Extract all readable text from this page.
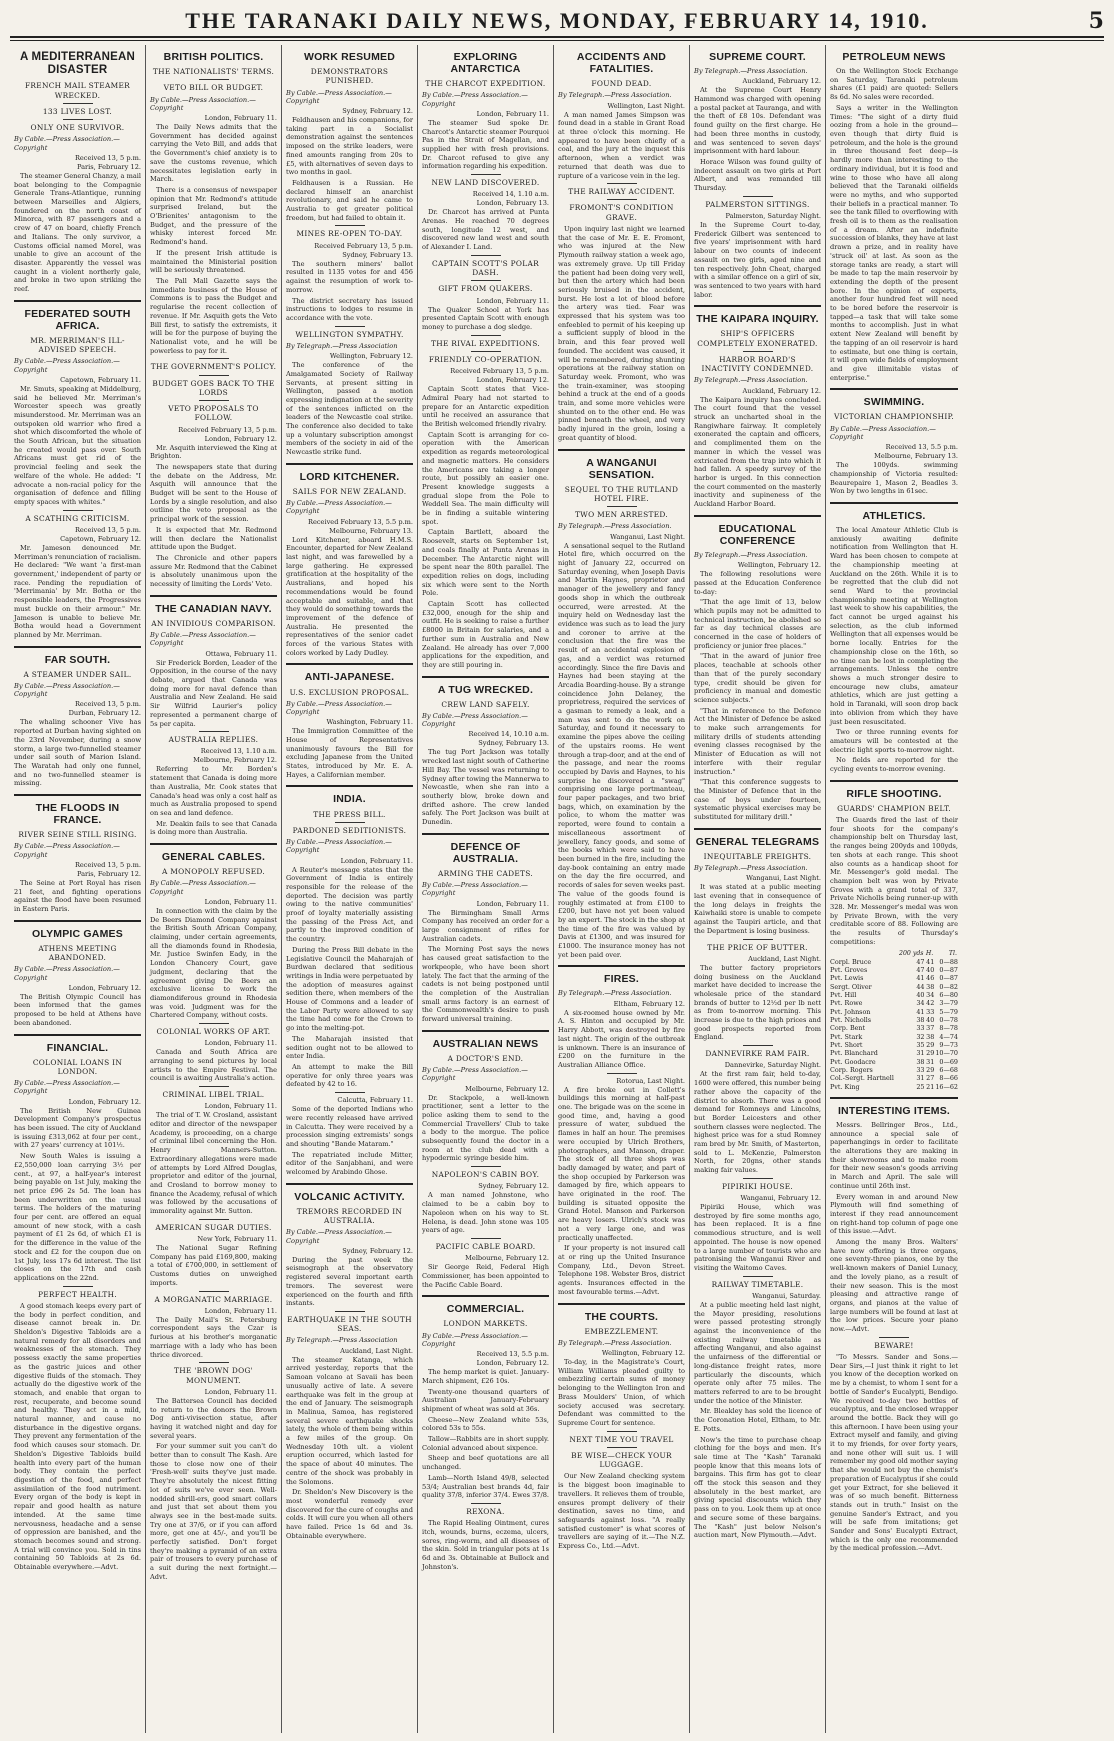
THE TARANAKI DAILY NEWS, MONDAY, FEBRUARY 14, 1910.	5
A MEDITERRANEAN DISASTER
FRENCH MAIL STEAMER WRECKED.
133 LIVES LOST.
ONLY ONE SURVIVOR.
By Cable.—Press Association.—Copyright
Received 13, 5 p.m.
Paris, February 12.

The steamer General Chanzy, a mail boat belonging to the Compagnie Generale Trans-Atlantique, running between Marseilles and Algiers, foundered on the north coast of Minorca, with 87 passengers and a crew of 47 on board, chiefly French and Italians. The only survivor, a Customs official named Morel, was unable to give an account of the disaster. Apparently the vessel was caught in a violent northerly gale, and broke in two upon striking the reef.

FEDERATED SOUTH AFRICA.
MR. MERRIMAN'S ILL-ADVISED SPEECH.
By Cable.—Press Association.—Copyright
Capetown, February 11.

Mr. Smuts, speaking at Middelburg, said he believed Mr. Merriman's Worcester speech was greatly misunderstood. Mr. Merriman was an outspoken old warrior who fired a shot which discomforted the whole of the South African, but the situation he created would pass over. South Africans must get rid of the provincial feeling and seek the welfare of the whole. He added: "I advocate a non-racial policy for the organisation of defence and filling empty spaces with whites."

A SCATHING CRITICISM.
Received 13, 5 p.m.
Capetown, February 12.

Mr. Jameson denounced Mr. Merriman's renunciation of racialism. He declared: "We want 'a first-man government,' independent of party or race. Pending the repudiation of 'Merrimania' by Mr. Botha or the responsible leaders, the Progressives must buckle on their armour." Mr. Jameson is unable to believe Mr. Botha would head a Government planned by Mr. Merriman.

FAR SOUTH.
A STEAMER UNDER SAIL.
By Cable.—Press Association.—Copyright
Received 13, 5 p.m.
Durban, February 12.

The whaling schooner Vive has reported at Durban having sighted on the 23rd November, during a snow storm, a large two-funnelled steamer under sail south of Marion Island. The Waratah had only one funnel, and no two-funnelled steamer is missing.

THE FLOODS IN FRANCE.
RIVER SEINE STILL RISING.
By Cable.—Press Association.—Copyright
Received 13, 5 p.m.
Paris, February 12.

The Seine at Port Royal has risen 21 feet, and fighting operations against the flood have been resumed in Eastern Paris.

OLYMPIC GAMES
ATHENS MEETING ABANDONED.
By Cable.—Press Association.—Copyright
London, February 12.

The British Olympic Council has been informed that the games proposed to be held at Athens have been abandoned.

FINANCIAL.
COLONIAL LOANS IN LONDON.
By Cable.—Press Association.—Copyright
London, February 12.

The British New Guinea Development Company's prospectus has been issued. The city of Auckland is issuing £313,062 at four per cent., with 27 years' currency at 101½.

New South Wales is issuing a £2,550,000 loan carrying 3½ per cent., at 97, a half-year's interest being payable on 1st July, making the net price £96 2s 5d. The loan has been underwritten on the usual terms. The holders of the maturing four per cent. are offered an equal amount of new stock, with a cash payment of £1 2s 6d, of which £1 is for the difference in the value of the stock and £2 for the coupon due on 1st July, less 17s 6d interest. The list closes on the 17th and cash applications on the 22nd.

PERFECT HEALTH.

A good stomach keeps every part of the body in perfect condition, and disease cannot break in. Dr. Sheldon's Digestive Tabloids are a natural remedy for all disorders and weaknesses of the stomach. They possess exactly the same properties as the gastric juices and other digestive fluids of the stomach. They actually do the digestive work of the stomach, and enable that organ to rest, recuperate, and become sound and healthy. They act in a mild, natural manner, and cause no disturbance in the digestive organs. They prevent any fermentation of the food which causes sour stomach. Dr. Sheldon's Digestive Tabloids build health into every part of the human body. They contain the perfect digestion of the food, and perfect assimilation of the food nutriment. Every organ of the body is kept in repair and good health as nature intended. At the same time nervousness, headache and a sense of oppression are banished, and the stomach becomes sound and strong. A trial will convince you. Sold in tins containing 50 Tabloids at 2s 6d. Obtainable everywhere.—Advt.

BRITISH POLITICS.
THE NATIONALISTS' TERMS.
VETO BILL OR BUDGET.
By Cable.—Press Association.—Copyright
London, February 11.

The Daily News admits that the Government has decided against carrying the Veto Bill, and adds that the Government's chief anxiety is to save the customs revenue, which necessitates legislation early in March.

There is a consensus of newspaper opinion that Mr. Redmond's attitude surprised Ireland, but the O'Brienites' antagonism to the Budget, and the pressure of the whisky interest forced Mr. Redmond's hand.

If the present Irish attitude is maintained the Ministerial position will be seriously threatened.

The Pall Mall Gazette says the immediate business of the House of Commons is to pass the Budget and regularise the recent collection of revenue. If Mr. Asquith gets the Veto Bill first, to satisfy the extremists, it will be for the purpose of buying the Nationalist vote, and he will be powerless to pay for it.

THE GOVERNMENT'S POLICY.
BUDGET GOES BACK TO THE LORDS
VETO PROPOSALS TO FOLLOW.
Received February 13, 5 p.m.
London, February 12.

Mr. Asquith interviewed the King at Brighton.

The newspapers state that during the debate on the Address, Mr. Asquith will announce that the Budget will be sent to the House of Lords by a single resolution, and also outline the veto proposal as the principal work of the session.

It is expected that Mr. Redmond will then declare the Nationalist attitude upon the Budget.

The Chronicle and other papers assure Mr. Redmond that the Cabinet is absolutely unanimous upon the necessity of limiting the Lords' Veto.

THE CANADIAN NAVY.
AN INVIDIOUS COMPARISON.
By Cable.—Press Association.—Copyright
Ottawa, February 11.

Sir Frederick Borden, Leader of the Opposition, in the course of the navy debate, argued that Canada was doing more for naval defence than Australia and New Zealand. He said Sir Wilfrid Laurier's policy represented a permanent charge of 5s per capita.

AUSTRALIA REPLIES.
Received 13, 1.10 a.m.
Melbourne, February 12.

Referring to Mr. Borden's statement that Canada is doing more than Australia, Mr. Cook states that Canada's head was only a cost half as much as Australia proposed to spend on sea and land defence.

Mr. Deakin fails to see that Canada is doing more than Australia.

GENERAL CABLES.
A MONOPOLY REFUSED.
By Cable.—Press Association.—Copyright
London, February 11.

In connection with the claim by the De Beers Diamond Company against the British South African Company, claiming, under certain agreements, all the diamonds found in Rhodesia, Mr. Justice Swinfen Eady, in the London Chancery Court, gave judgment, declaring that the agreement giving De Beers an exclusive license to work the diamondiferous ground in Rhodesia was void. Judgment was for the Chartered Company, without costs.

COLONIAL WORKS OF ART.
London, February 11.

Canada and South Africa are arranging to send pictures by local artists to the Empire Festival. The council is awaiting Australia's action.

CRIMINAL LIBEL TRIAL.
London, February 11.

The trial of T. W. Crosland, assistant editor and director of the newspaper Academy, is proceeding, on a charge of criminal libel concerning the Hon. Henry Manners-Sutton. Extraordinary allegations were made of attempts by Lord Alfred Douglas, proprietor and editor of the journal, and Crosland to borrow money to finance the Academy, refusal of which was followed by the accusations of immorality against Mr. Sutton.

AMERICAN SUGAR DUTIES.
New York, February 11.

The National Sugar Refining Company has paid £169,800, making a total of £700,000, in settlement of Customs duties on unweighed imports.

A MORGANATIC MARRIAGE.
London, February 11.

The Daily Mail's St. Petersburg correspondent says the Czar is furious at his brother's morganatic marriage with a lady who has been thrice divorced.

THE 'BROWN DOG' MONUMENT.
London, February 11.

The Battersea Council has decided to return to the donors the Brown Dog anti-vivisection statue, after having it watched night and day for several years.

For your summer suit you can't do better than to consult The Kash. Are those to close now one of their 'Fresh-well' suits they've just made. They're absolutely the nicest fitting lot of suits we've ever seen. Well-nodded shrill-ers, good smart collars and just that set about them you always see in the best-made suits. Try one at 37/6, or if you can afford more, get one at 45/-, and you'll be perfectly satisfied. Don't forget they're making a pyramid of an extra pair of trousers to every purchase of a suit during the next fortnight.—Advt.

WORK RESUMED
DEMONSTRATORS PUNISHED.
By Cable.—Press Association.—Copyright
Sydney, February 12.

Feldhausen and his companions, for taking part in a Socialist demonstration against the sentences imposed on the strike leaders, were fined amounts ranging from 20s to £5, with alternatives of seven days to two months in gaol.

Feldhausen is a Russian. He declared himself an anarchist revolutionary, and said he came to Australia to get greater political freedom, but had failed to obtain it.

MINES RE-OPEN TO-DAY.
Received February 13, 5 p.m.
Sydney, February 13.

The southern miners' ballot resulted in 1135 votes for and 456 against the resumption of work to-morrow.

The district secretary has issued instructions to lodges to resume in accordance with the vote.

WELLINGTON SYMPATHY.
By Telegraph.—Press Association
Wellington, February 12.

The conference of the Amalgamated Society of Railway Servants, at present sitting in Wellington, passed a motion expressing indignation at the severity of the sentences inflicted on the leaders of the Newcastle coal strike. The conference also decided to take up a voluntary subscription amongst members of the society in aid of the Newcastle strike fund.

LORD KITCHENER.
SAILS FOR NEW ZEALAND.
By Cable.—Press Association.—Copyright
Received February 13, 5.5 p.m.
Melbourne, February 13.

Lord Kitchener, aboard H.M.S. Encounter, departed for New Zealand last night, and was farewelled by a large gathering. He expressed gratification at the hospitality of the Australians, and hoped his recommendations would be found acceptable and suitable, and that they would do something towards the improvement of the defence of Australia. He presented the representatives of the senior cadet forces of the various States with colors worked by Lady Dudley.

ANTI-JAPANESE.
U.S. EXCLUSION PROPOSAL.
By Cable.—Press Association.—Copyright
Washington, February 11.

The Immigration Committee of the House of Representatives unanimously favours the Bill for excluding Japanese from the United States, introduced by Mr. E. A. Hayes, a Californian member.

INDIA.
THE PRESS BILL.
PARDONED SEDITIONISTS.
By Cable.—Press Association.—Copyright
London, February 11.

A Reuter's message states that the Government of India is entirely responsible for the release of the deported. The decision was partly owing to the native communities' proof of loyalty materially assisting the passing of the Press Act, and partly to the improved condition of the country.

During the Press Bill debate in the Legislative Council the Maharajah of Burdwan declared that seditious writings in India were perpetuated by the adoption of measures against sedition there, when members of the House of Commons and a leader of the Labor Party were allowed to say the time had come for the Crown to go into the melting-pot.

The Maharajah insisted that sedition ought not to be allowed to enter India.

An attempt to make the Bill operative for only three years was defeated by 42 to 16.

Calcutta, February 11.

Some of the deported Indians who were recently released have arrived in Calcutta. They were received by a procession singing extremists' songs and shouting "Bande Mataram."

The repatriated include Mitter, editor of the Sanjabhani, and were welcomed by Arabindo Ghose.

VOLCANIC ACTIVITY.
TREMORS RECORDED IN AUSTRALIA.
By Cable.—Press Association.—Copyright
Sydney, February 12.

During the past week the seismograph at the observatory registered several important earth tremors. The severest were experienced on the fourth and fifth instants.

EARTHQUAKE IN THE SOUTH SEAS.
By Telegraph.—Press Association
Auckland, Last Night.

The steamer Katanga, which arrived yesterday, reports that the Samoan volcano at Savaii has been unusually active of late. A severe earthquake was felt in the group at the end of January. The seismograph in Malinua, Samoa, has registered several severe earthquake shocks lately, the whole of them being within a few miles of the group. On Wednesday 10th ult. a violent eruption occurred, which lasted for the space of about 40 minutes. The centre of the shock was probably in the Solomons.

Dr. Sheldon's New Discovery is the most wonderful remedy ever discovered for the cure of coughs and colds. It will cure you when all others have failed. Price 1s 6d and 3s. Obtainable everywhere.

EXPLORING ANTARCTICA
THE CHARCOT EXPEDITION.
By Cable.—Press Association.—Copyright
London, February 11.

The steamer Sud spoke Dr. Charcot's Antarctic steamer Pourquoi Pas in the Strait of Magellan, and supplied her with fresh provisions. Dr. Charcot refused to give any information regarding his expedition.

NEW LAND DISCOVERED.
Received 14, 1.10 a.m.
London, February 13.

Dr. Charcot has arrived at Punta Arenas. He reached 70 degrees south, longitude 12 west, and discovered new land west and south of Alexander I. Land.

CAPTAIN SCOTT'S POLAR DASH.
GIFT FROM QUAKERS.
London, February 11.

The Quaker School at York has presented Captain Scott with enough money to purchase a dog sledge.

THE RIVAL EXPEDITIONS.
FRIENDLY CO-OPERATION.
Received February 13, 5 p.m.
London, February 12.

Captain Scott states that Vice-Admiral Peary had not started to prepare for an Antarctic expedition until he received an assurance that the British welcomed friendly rivalry.

Captain Scott is arranging for co-operation with the American expedition as regards meteorological and magnetic matters. He considers the Americans are taking a longer route, but possibly an easier one. Present knowledge suggests a gradual slope from the Pole to Weddell Sea. The main difficulty will be in finding a suitable wintering spot.

Captain Bartlett, aboard the Roosevelt, starts on September 1st, and coals finally at Punta Arenas in December. The Antarctic night will be spent near the 80th parallel. The expedition relies on dogs, including six which were sent to the North Pole.

Captain Scott has collected £32,000, enough for the ship and outfit. He is seeking to raise a further £8000 in Britain for salaries, and a further sum in Australia and New Zealand. He already has over 7,000 applications for the expedition, and they are still pouring in.

A TUG WRECKED.
CREW LAND SAFELY.
By Cable.—Press Association.—Copyright
Received 14, 10.10 a.m.
Sydney, February 13.

The tug Port Jackson was totally wrecked last night south of Catherine Hill Bay. The vessel was returning to Sydney after towing the Mannerwa to Newcastle, when she ran into a southerly blow, broke down and drifted ashore. The crew landed safely. The Port Jackson was built at Dunedin.

DEFENCE OF AUSTRALIA.
ARMING THE CADETS.
By Cable.—Press Association.—Copyright
London, February 11.

The Birmingham Small Arms Company has received an order for a large consignment of rifles for Australian cadets.

The Morning Post says the news has caused great satisfaction to the workpeople, who have been short lately. The fact that the arming of the cadets is not being postponed until the completion of the Australian small arms factory is an earnest of the Commonwealth's desire to push forward universal training.

AUSTRALIAN NEWS
A DOCTOR'S END.
By Cable.—Press Association.—Copyright
Melbourne, February 12.

Dr. Stackpole, a well-known practitioner, sent a letter to the police asking them to send to the Commercial Travellers' Club to take a body to the morgue. The police subsequently found the doctor in a room at the club dead with a hypodermic syringe beside him.

NAPOLEON'S CABIN BOY.
Sydney, February 12.

A man named Johnstone, who claimed to be a cabin boy to Napoleon when on his way to St. Helena, is dead. John stone was 105 years of age.

PACIFIC CABLE BOARD.
Melbourne, February 12.

Sir George Reid, Federal High Commissioner, has been appointed to the Pacific Cable Board.

COMMERCIAL.
LONDON MARKETS.
By Cable.—Press Association.—Copyright
Received 13, 5.5 p.m.
London, February 12.

The hemp market is quiet. January-March shipment, £26 10s.

Twenty-one thousand quarters of Australian January-February shipment of wheat was sold at 36s.

Cheese—New Zealand white 53s, colored 53s to 55s.

Tallow—Rabbits are in short supply. Colonial advanced about sixpence.

Sheep and beef quotations are all unchanged.

Lamb—North Island 49/8, selected 53/4; Australian best brands 4d, fair quality 37/8, inferior 37/4. Ewes 37/8.

REXONA.

The Rapid Healing Ointment, cures itch, wounds, burns, eczema, ulcers, sores, ring-worm, and all diseases of the skin. Sold in triangular pots at 1s 6d and 3s. Obtainable at Bullock and Johnston's.

ACCIDENTS AND FATALITIES.
FOUND DEAD.
By Telegraph.—Press Association.
Wellington, Last Night.

A man named James Simpson was found dead in a stable in Grant Road at three o'clock this morning. He appeared to have been chiefly of a coal, and the jury at the inquest this afternoon, when a verdict was returned that death was due to rupture of a varicose vein in the leg.

THE RAILWAY ACCIDENT.
FROMONT'S CONDITION GRAVE.

Upon inquiry last night we learned that the case of Mr. E. E. Fromont, who was injured at the New Plymouth railway station a week ago, was extremely grave. Up till Friday the patient had been doing very well, but then the artery which had been seriously bruised in the accident, burst. He lost a lot of blood before the artery was tied. Fear was expressed that his system was too enfeebled to permit of his keeping up a sufficient supply of blood in the brain, and this fear proved well founded. The accident was caused, it will be remembered, during shunting operations at the railway station on Saturday week. Fromont, who was the train-examiner, was stooping behind a truck at the end of a goods train, and some more vehicles were shunted on to the other end. He was pinned beneath the wheel, and very badly injured in the groin, losing a great quantity of blood.

A WANGANUI SENSATION.
SEQUEL TO THE RUTLAND HOTEL FIRE.
TWO MEN ARRESTED.
By Telegraph.—Press Association.
Wanganui, Last Night.

A sensational sequel to the Rutland Hotel fire, which occurred on the night of January 22, occurred on Saturday evening, when Joseph Davis and Martin Haynes, proprietor and manager of the jewellery and fancy goods shop in which the outbreak occurred, were arrested. At the inquiry held on Wednesday last the evidence was such as to lead the jury and coroner to arrive at the conclusion that the fire was the result of an accidental explosion of gas, and a verdict was returned accordingly. Since the fire Davis and Haynes had been staying at the Arcadia Boarding-house. By a strange coincidence John Delaney, the proprietress, required the services of a gasman to remedy a leak, and a man was sent to do the work on Saturday, and found it necessary to examine the pipes above the ceiling of the upstairs rooms. He went through a trap-door, and at the end of the passage, and near the rooms occupied by Davis and Haynes, to his surprise he discovered a "swag" comprising one large portmanteau, four paper packages, and two brief bags, which, on examination by the police, to whom the matter was reported, were found to contain a miscellaneous assortment of jewellery, fancy goods, and some of the books which were said to have been burned in the fire, including the day-book containing an entry made on the day the fire occurred, and records of sales for seven weeks past. The value of the goods found is roughly estimated at from £100 to £200, but have not yet been valued by an expert. The stock in the shop at the time of the fire was valued by Davis at £1300, and was insured for £1000. The insurance money has not yet been paid over.

FIRES.
By Telegraph.—Press Association.
Eltham, February 12.

A six-roomed house owned by Mr. A. S. Hinton and occupied by Mr. Harry Abbott, was destroyed by fire last night. The origin of the outbreak is unknown. There is an insurance of £200 on the furniture in the Australian Alliance Office.

Rotorua, Last Night.

A fire broke out in Collett's buildings this morning at half-past one. The brigade was on the scene in good time, and, having a good pressure of water, subdued the flames in half an hour. The premises were occupied by Ulrich Brothers, photographers, and Manson, draper. The stock of all three shops was badly damaged by water, and part of the shop occupied by Parkerson was damaged by fire, which appears to have originated in the roof. The building is situated opposite the Grand Hotel. Manson and Parkerson are heavy losers. Ulrich's stock was not a very large one, and was practically unaffected.

If your property is not insured call at or ring up the United Insurance Company, Ltd., Devon Street. Telephone 198. Webster Bros, district agents. Insurances effected in the most favourable terms.—Advt.

THE COURTS.
EMBEZZLEMENT.
By Telegraph.—Press Association.
Wellington, February 12.

To-day, in the Magistrate's Court, William Williams pleaded guilty to embezzling certain sums of money belonging to the Wellington Iron and Brass Moulders' Union, of which society accused was secretary. Defendant was committed to the Supreme Court for sentence.

NEXT TIME YOU TRAVEL
BE WISE—CHECK YOUR LUGGAGE.

Our New Zealand checking system is the biggest boon imaginable to travellers. It relieves them of trouble, ensures prompt delivery of their destination, saves no time, and safeguards against loss. "A really satisfied customer" is what scores of travellers are saying of it.—The N.Z. Express Co., Ltd.—Advt.

SUPREME COURT.
By Telegraph.—Press Association.
Auckland, February 12.

At the Supreme Court Henry Hammond was charged with opening a postal packet at Tauranga, and with the theft of £8 10s. Defendant was found guilty on the first charge. He had been three months in custody, and was sentenced to seven days' imprisonment with hard labour.

Horace Wilson was found guilty of indecent assault on two girls at Port Albert, and was remanded till Thursday.

PALMERSTON SITTINGS.
Palmerston, Saturday Night.

In the Supreme Court to-day, Frederick Gilbert was sentenced to five years' imprisonment with hard labour on two counts of indecent assault on two girls, aged nine and ten respectively. John Cheat, charged with a similar offence on a girl of six, was sentenced to two years with hard labor.

THE KAIPARA INQUIRY.
SHIP'S OFFICERS COMPLETELY EXONERATED.
HARBOR BOARD'S INACTIVITY CONDEMNED.
By Telegraph.—Press Association.
Auckland, February 12.

The Kaipara inquiry has concluded. The court found that the vessel struck an uncharted shoal in the Rangiwhare fairway. It completely exonerated the captain and officers, and complimented them on the manner in which the vessel was extricated from the trap into which it had fallen. A speedy survey of the harbor is urged. In this connection the court commented on the masterly inactivity and supineness of the Auckland Harbor Board.

EDUCATIONAL CONFERENCE
By Telegraph.—Press Association.
Wellington, February 12.

The following resolutions were passed at the Education Conference to-day:

"That the age limit of 13, below which pupils may not be admitted to technical instruction, be abolished so far as day technical classes are concerned in the case of holders of proficiency or junior free places."

"That in the award of junior free places, teachable at schools other than that of the purely secondary type, credit should be given for proficiency in manual and domestic science subjects."

"That in reference to the Defence Act the Minister of Defence be asked to make such arrangements for military drills of students attending evening classes recognised by the Minister of Education as will not interfere with their regular instruction."

"That this conference suggests to the Minister of Defence that in the case of boys under fourteen, systematic physical exercises may be substituted for military drill."

GENERAL TELEGRAMS
INEQUITABLE FREIGHTS.
By Telegraph.—Press Association.
Wanganui, Last Night.

It was stated at a public meeting last evening that in consequence of the long delays in freights the Kaiwhaiki store is unable to compete against the Taupiri article, and that the Department is losing business.

THE PRICE OF BUTTER.
Auckland, Last Night.

The butter factory proprietors doing business on the Auckland market have decided to increase the wholesale price of the standard brands of butter to 12½d per lb nett as from to-morrow morning. This increase is due to the high prices and good prospects reported from England.

DANNEVIRKE RAM FAIR.
Dannevirke, Saturday Night.

At the first ram fair, held to-day, 1600 were offered, this number being rather above the capacity of the district to absorb. There was a good demand for Romneys and Lincolns, but Border Leicesters and other southern classes were neglected. The highest price was for a stud Romney ram bred by Mr. Smith, of Masterton, sold to L. McKenzie, Palmerston North, for 20gns, other stands making fair values.

PIPIRIKI HOUSE.
Wanganui, February 12.

Pipiriki House, which was destroyed by fire some months ago, has been replaced. It is a fine commodious structure, and is well appointed. The house is now opened to a large number of tourists who are patronising the Wanganui River and visiting the Waitomo Caves.

RAILWAY TIMETABLE.
Wanganui, Saturday.

At a public meeting held last night, the Mayor presiding, resolutions were passed protesting strongly against the inconvenience of the existing railway timetable as affecting Wanganui, and also against the unfairness of the differential or long-distance freight rates, more particularly the discounts, which operate only after 75 miles. The matters referred to are to be brought under the notice of the Minister.

Mr. Bleakley has sold the licence of the Coronation Hotel, Eltham, to Mr. E. Potts.

Now's the time to purchase cheap clothing for the boys and men. It's sale time at The "Kash" Taranaki people know that this means lots of bargains. This firm has got to clear off the stock this season and they absolutely in the best market, are giving special discounts which they pass on to you. Look them up at once and secure some of these bargains. The "Kash" just below Nelson's auction mart, New Plymouth.—Advt.

PETROLEUM NEWS

On the Wellington Stock Exchange on Saturday, Taranaki petroleum shares (£1 paid) are quoted: Sellers 8s 6d. No sales were recorded.

Says a writer in the Wellington Times: "The sight of a dirty fluid oozing from a hole in the ground—even though that dirty fluid is petroleum, and the hole is the ground in three thousand feet deep—is hardly more than interesting to the ordinary individual, but it is food and wine to those who have all along believed that the Taranaki oilfields were no myths, and who supported their beliefs in a practical manner. To see the tank filled to overflowing with fresh oil is to them as the realisation of a dream. After an indefinite succession of blanks, they have at last drawn a prize, and in reality have 'struck oil' at last. As soon as the storage tanks are ready, a start will be made to tap the main reservoir by extending the depth of the present bore. In the opinion of experts, another four hundred feet will need to be bored before the reservoir is tapped—a task that will take some months to accomplish. Just in what extent New Zealand will benefit by the tapping of an oil reservoir is hard to estimate, but one thing is certain, it will open wide fields of employment and give illimitable vistas of enterprise."

SWIMMING.
VICTORIAN CHAMPIONSHIP.
By Cable.—Press Association.—Copyright
Received 13, 5.5 p.m.
Melbourne, February 13.

The 100yds. swimming championship of Victoria resulted: Beaurepaire 1, Mason 2, Beadles 3. Won by two lengths in 61sec.

ATHLETICS.

The local Amateur Athletic Club is anxiously awaiting definite notification from Wellington that H. Ward has been chosen to compete at the championship meeting at Auckland on the 26th. While it is to be regretted that the club did not send Ward to the provincial championship meeting at Wellington last week to show his capabilities, the fact cannot be urged against his selection, as the club informed Wellington that all expenses would be borne locally. Entries for the championship close on the 16th, so no time can be lost in completing the arrangements. Unless the centre shows a much stronger desire to encourage new clubs, amateur athletics, which are just getting a hold in Taranaki, will soon drop back into oblivion from which they have just been resuscitated.

Two or three running events for amateurs will be contested at the electric light sports to-morrow night.

No fields are reported for the cycling events to-morrow evening.

RIFLE SHOOTING.
GUARDS' CHAMPION BELT.

The Guards fired the last of their four shoots for the company's championship belt on Thursday last, the ranges being 200yds and 100yds, ten shots at each range. This shoot also counts as a handicap shoot for Mr. Messenger's gold medal. The champion belt was won by Private Groves with a grand total of 337, Private Nicholls being runner-up with 328. Mr. Messenger's medal was won by Private Brown, with the very creditable score of 88. Following are the results of Thursday's competitions:

	200 yds	H.	Tl.
Corpl. Bruce	47	41	0—88
Pvt. Groves	47	40	0—87
Pvt. Lewis	41	46	0—87
Sergt. Oliver	44	38	0—82
Pvt. Hill	40	34	6—80
Pvt. Rowe	34	42	3—79
Pvt. Johnson	41	33	5—79
Pvt. Nicholls	38	40	0—78
Corp. Bent	33	37	8—78
Pvt. Stark	32	38	4—74
Pvt. Short	35	29	9—73
Pvt. Blanchard	31	29	10—70
Pvt. Goodacre	38	31	0—69
Corp. Rogers	33	29	6—68
Col.-Sergt. Hartnell	31	27	8—66
Pvt. King	25	21	16—62
INTERESTING ITEMS.

Messrs. Bellringer Bros., Ltd., announce a special sale of paperhangings in order to facilitate the alterations they are making in their showrooms and to make room for their new season's goods arriving in March and April. The sale will continue until 26th inst.

Every woman in and around New Plymouth will find something of interest if they read announcement on right-hand top column of page one of this issue.—Advt.

Among the many Bros. Walters' have now offering is three organs, one seventy-three pianos, one by the well-known makers of Daniel Lunacy, and the lovely piano, as a result of their new season. This is the most pleasing and attractive range of organs, and pianos at the value of large numbers will be found at last at the low prices. Secure your piano now.—Advt.

BEWARE!

"To Messrs. Sander and Sons.—Dear Sirs,—I just think it right to let you know of the deception worked on me by a chemist, to whom I sent for a bottle of Sander's Eucalypti, Bendigo. We received to-day two bottles of eucalyptus, and the enclosed wrapper around the bottle. Back they will go this afternoon. I have been using your Extract myself and family, and giving it to my friends, for over forty years, and none other will suit us. I will remember my good old mother saying that she would not buy the chemist's preparation of Eucalyptus if she could get your Extract, for she believed it was of so much benefit. Bitterness stands out in truth." Insist on the genuine Sander's Extract, and you will be safe from imitations; get Sander and Sons' Eucalypti Extract, which is the only one recommended by the medical profession.—Advt.
